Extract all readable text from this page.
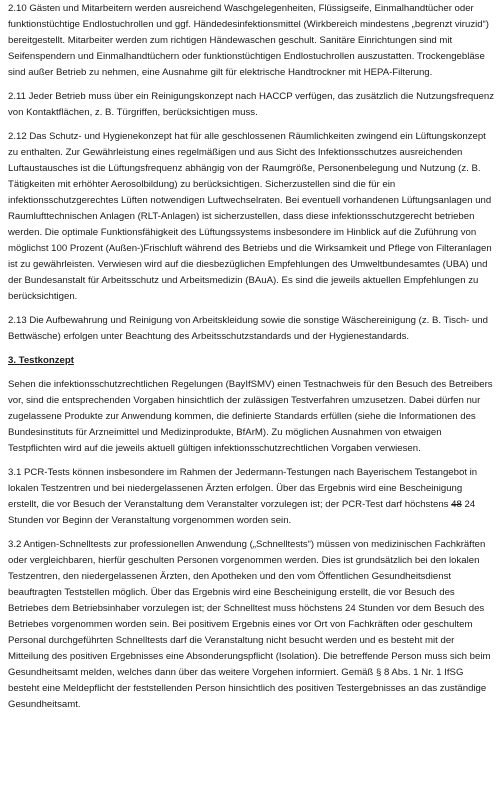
2.10 Gästen und Mitarbeitern werden ausreichend Waschgelegenheiten, Flüssigseife, Einmalhandtücher oder funktionstüchtige Endlostuchrollen und ggf. Händedesinfektionsmittel (Wirkbereich mindestens „begrenzt viruzid“) bereitgestellt. Mitarbeiter werden zum richtigen Händewaschen geschult. Sanitäre Einrichtungen sind mit Seifenspendern und Einmalhandtüchern oder funktionstüchtigen Endlostuchrollen auszustatten. Trockengebläse sind außer Betrieb zu nehmen, eine Ausnahme gilt für elektrische Handtrockner mit HEPA-Filterung.

2.11 Jeder Betrieb muss über ein Reinigungskonzept nach HACCP verfügen, das zusätzlich die Nutzungsfrequenz von Kontaktflächen, z. B. Türgriffen, berücksichtigen muss.

2.12 Das Schutz- und Hygienekonzept hat für alle geschlossenen Räumlichkeiten zwingend ein Lüftungskonzept zu enthalten. Zur Gewährleistung eines regelmäßigen und aus Sicht des Infektionsschutzes ausreichenden Luftaustausches ist die Lüftungsfrequenz abhängig von der Raumgröße, Personenbelegung und Nutzung (z. B. Tätigkeiten mit erhöhter Aerosolbildung) zu berücksichtigen. Sicherzustellen sind die für ein infektionsschutzgerechtes Lüften notwendigen Luftwechselraten. Bei eventuell vorhandenen Lüftungsanlagen und Raumlufttechnischen Anlagen (RLT-Anlagen) ist sicherzustellen, dass diese infektionsschutzgerecht betrieben werden. Die optimale Funktionsfähigkeit des Lüftungssystems insbesondere im Hinblick auf die Zuführung von möglichst 100 Prozent (Außen-)Frischluft während des Betriebs und die Wirksamkeit und Pflege von Filteranlagen ist zu gewährleisten. Verwiesen wird auf die diesbezüglichen Empfehlungen des Umweltbundesamtes (UBA) und der Bundesanstalt für Arbeitsschutz und Arbeitsmedizin (BAuA). Es sind die jeweils aktuellen Empfehlungen zu berücksichtigen.

2.13 Die Aufbewahrung und Reinigung von Arbeitskleidung sowie die sonstige Wäschereinigung (z. B. Tisch- und Bettwäsche) erfolgen unter Beachtung des Arbeitsschutzstandards und der Hygienestandards.

3. Testkonzept

Sehen die infektionsschutzrechtlichen Regelungen (BayIfSMV) einen Testnachweis für den Besuch des Betreibers vor, sind die entsprechenden Vorgaben hinsichtlich der zulässigen Testverfahren umzusetzen. Dabei dürfen nur zugelassene Produkte zur Anwendung kommen, die definierte Standards erfüllen (siehe die Informationen des Bundesinstituts für Arzneimittel und Medizinprodukte, BfArM). Zu möglichen Ausnahmen von etwaigen Testpflichten wird auf die jeweils aktuell gültigen infektionsschutzrechtlichen Vorgaben verwiesen.

3.1 PCR-Tests können insbesondere im Rahmen der Jedermann-Testungen nach Bayerischem Testangebot in lokalen Testzentren und bei niedergelassenen Ärzten erfolgen. Über das Ergebnis wird eine Bescheinigung erstellt, die vor Besuch der Veranstaltung dem Veranstalter vorzulegen ist; der PCR-Test darf höchstens 48 24 Stunden vor Beginn der Veranstaltung vorgenommen worden sein.

3.2 Antigen-Schnelltests zur professionellen Anwendung („Schnelltests“) müssen von medizinischen Fachkräften oder vergleichbaren, hierfür geschulten Personen vorgenommen werden. Dies ist grundsätzlich bei den lokalen Testzentren, den niedergelassenen Ärzten, den Apotheken und den vom Öffentlichen Gesundheitsdienst beauftragten Teststellen möglich. Über das Ergebnis wird eine Bescheinigung erstellt, die vor Besuch des Betriebes dem Betriebsinhaber vorzulegen ist; der Schnelltest muss höchstens 24 Stunden vor dem Besuch des Betriebes vorgenommen worden sein. Bei positivem Ergebnis eines vor Ort von Fachkräften oder geschultem Personal durchgeführten Schnelltests darf die Veranstaltung nicht besucht werden und es besteht mit der Mitteilung des positiven Ergebnisses eine Absonderungspflicht (Isolation). Die betreffende Person muss sich beim Gesundheitsamt melden, welches dann über das weitere Vorgehen informiert. Gemäß § 8 Abs. 1 Nr. 1 IfSG besteht eine Meldepflicht der feststellenden Person hinsichtlich des positiven Testergebnisses an das zuständige Gesundheitsamt.
